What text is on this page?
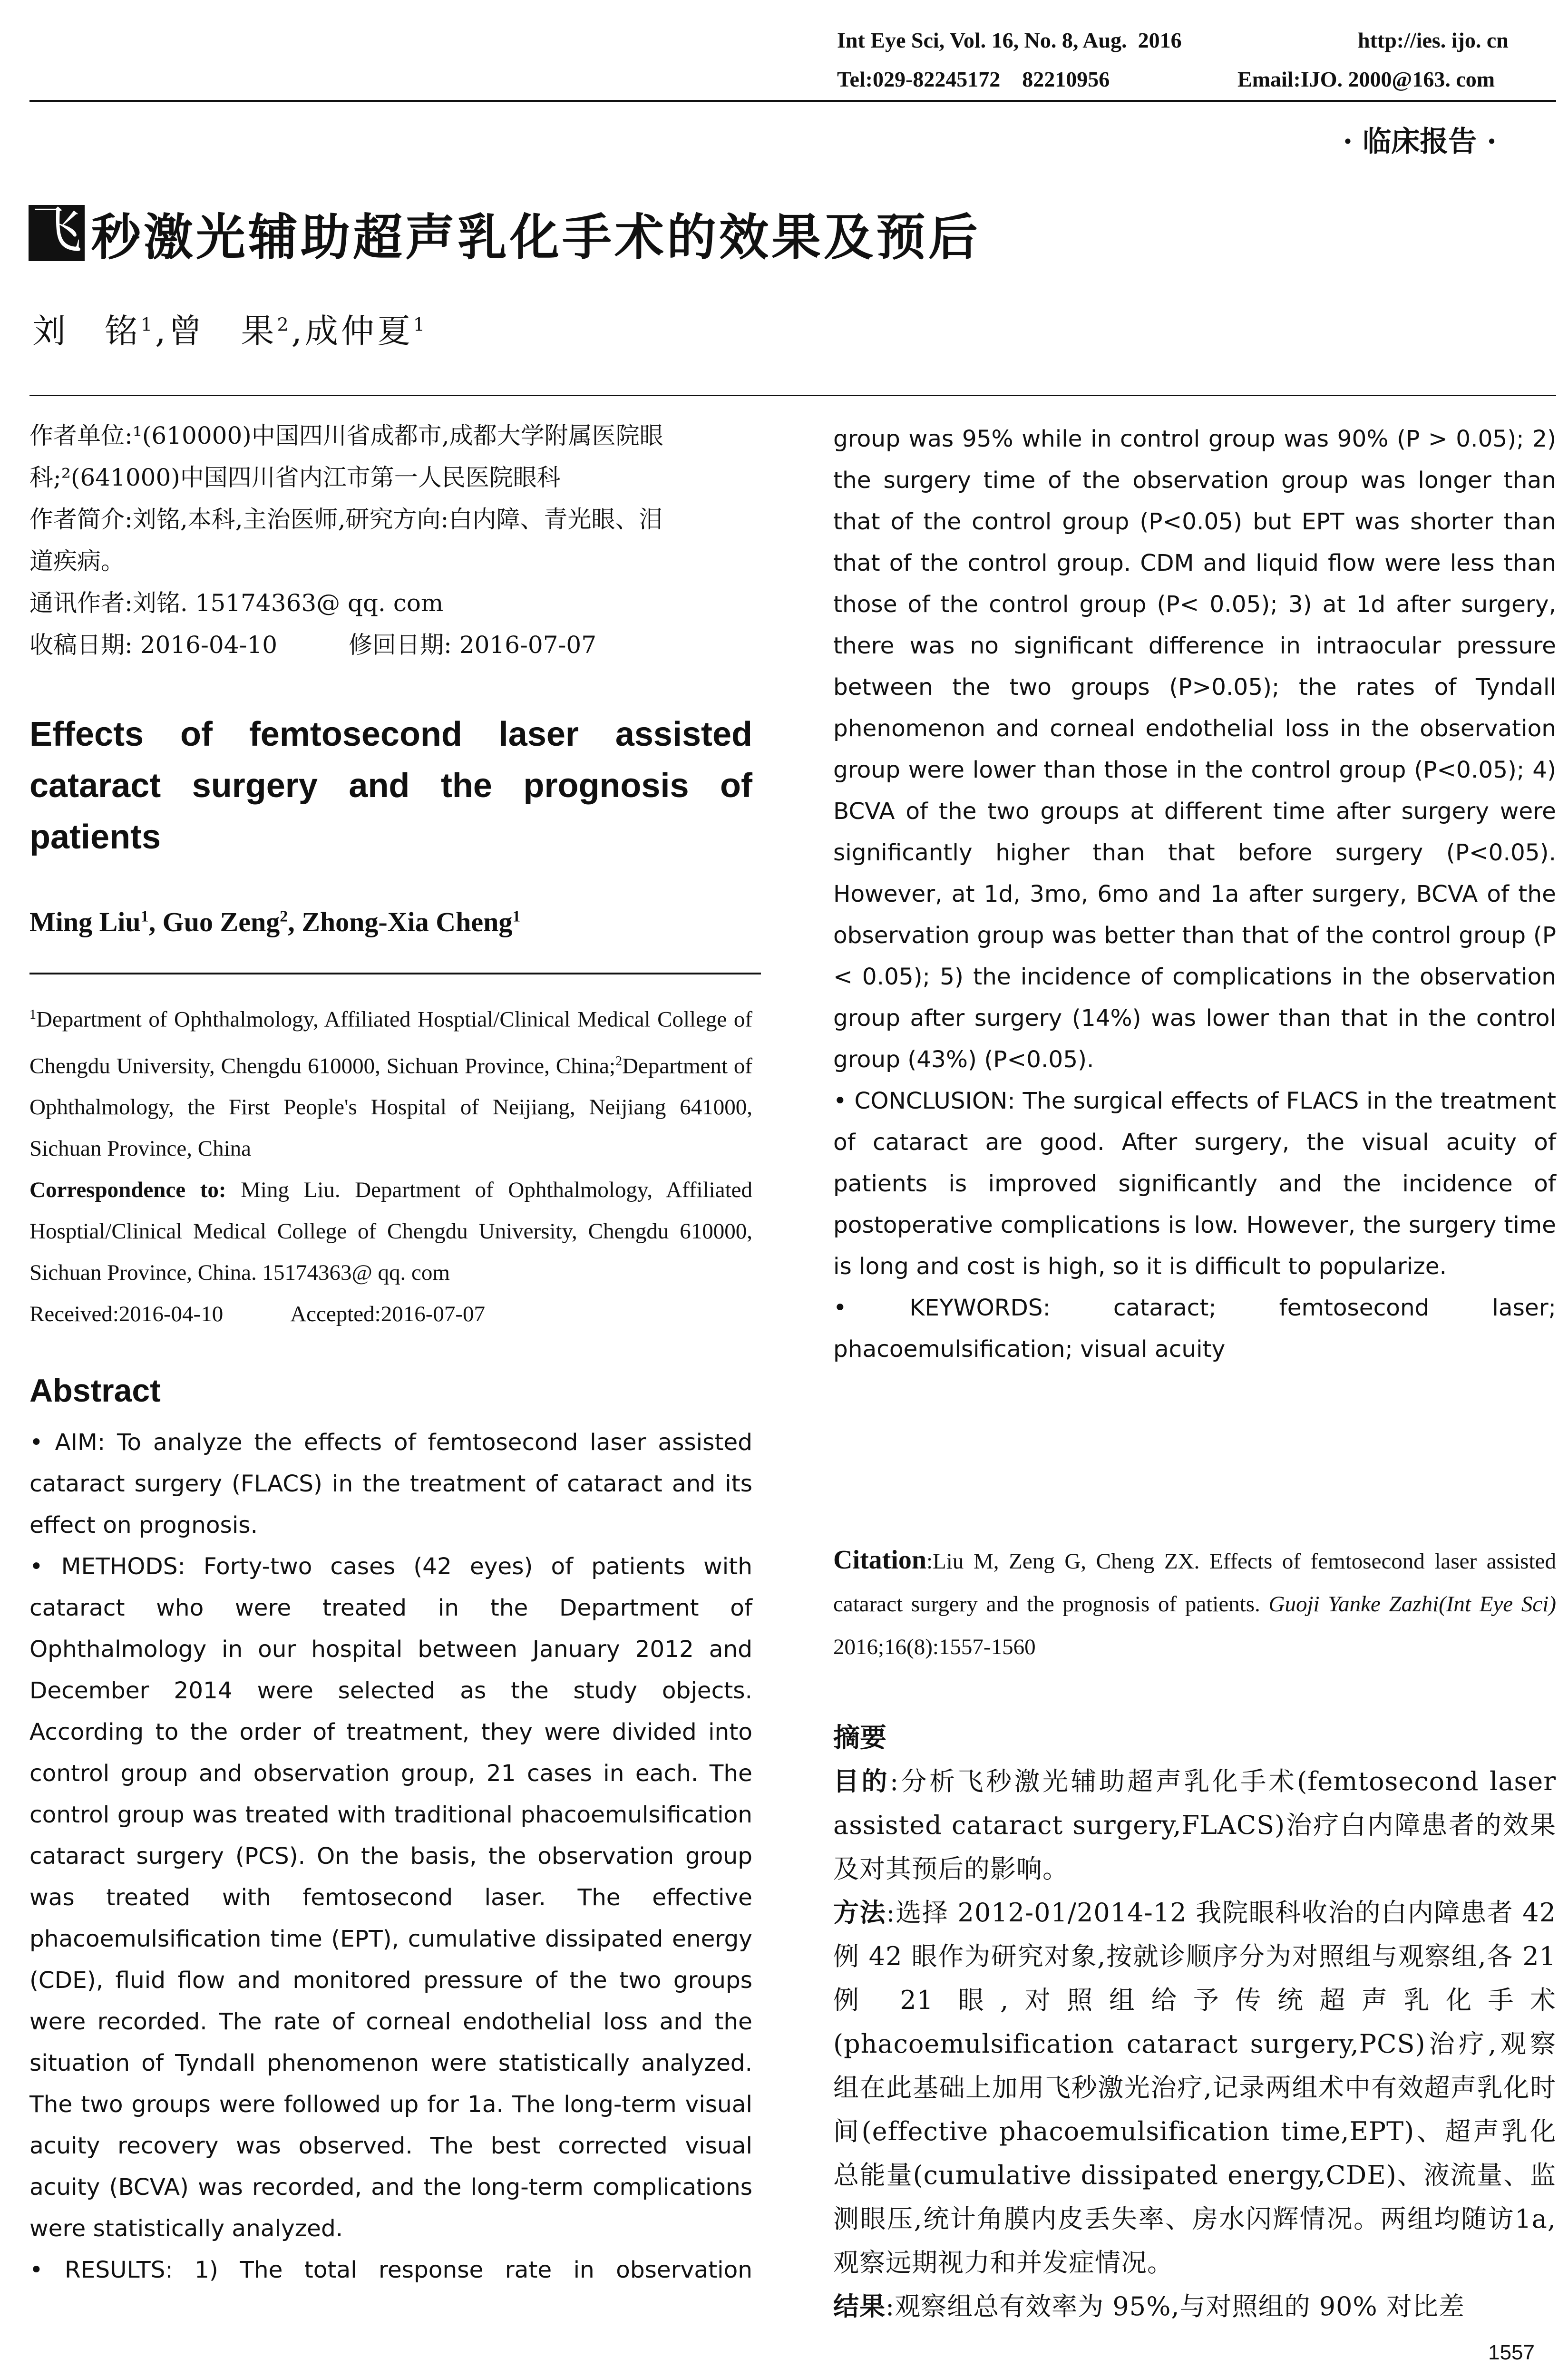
Int Eye Sci, Vol. 16, No. 8, Aug.  2016	http://ies. ijo. cn
Tel:029-82245172    82210956	Email:IJO. 2000@163. com
· 临床报告 ·
飞 秒激光辅助超声乳化手术的效果及预后
刘　铭$^1$,曾　果$^2$,成仲夏$^1$
作者单位:¹(610000)中国四川省成都市,成都大学附属医院眼
科;²(641000)中国四川省内江市第一人民医院眼科
作者简介:刘铭,本科,主治医师,研究方向:白内障、青光眼、泪
道疾病。
通讯作者:刘铭. 15174363@ qq. com
收稿日期: 2016-04-10　　　修回日期: 2016-07-07
Effects of femtosecond laser assisted cataract surgery and the prognosis of patients
Ming Liu$^1$, Guo Zeng$^2$, Zhong-Xia Cheng$^1$
$^1$Department of Ophthalmology, Affiliated Hosptial/Clinical Medical College of Chengdu University, Chengdu 610000, Sichuan Province, China;$^2$Department of Ophthalmology, the First People's Hospital of Neijiang, Neijiang 641000, Sichuan Province, China
Correspondence to: Ming Liu. Department of Ophthalmology, Affiliated Hosptial/Clinical Medical College of Chengdu University, Chengdu 610000, Sichuan Province, China. 15174363@ qq. com
Received:2016-04-10　　　Accepted:2016-07-07
Abstract

• AIM: To analyze the effects of femtosecond laser assisted cataract surgery (FLACS) in the treatment of cataract and its effect on prognosis.

• METHODS: Forty-two cases (42 eyes) of patients with cataract who were treated in the Department of Ophthalmology in our hospital between January 2012 and December 2014 were selected as the study objects. According to the order of treatment, they were divided into control group and observation group, 21 cases in each. The control group was treated with traditional phacoemulsification cataract surgery (PCS). On the basis, the observation group was treated with femtosecond laser. The effective phacoemulsification time (EPT), cumulative dissipated energy (CDE), fluid flow and monitored pressure of the two groups were recorded. The rate of corneal endothelial loss and the situation of Tyndall phenomenon were statistically analyzed. The two groups were followed up for 1a. The long-term visual acuity recovery was observed. The best corrected visual acuity (BCVA) was recorded, and the long-term complications were statistically analyzed.

• RESULTS: 1) The total response rate in observation

group was 95% while in control group was 90% (P > 0.05); 2) the surgery time of the observation group was longer than that of the control group (P<0.05) but EPT was shorter than that of the control group. CDM and liquid flow were less than those of the control group (P< 0.05); 3) at 1d after surgery, there was no significant difference in intraocular pressure between the two groups (P>0.05); the rates of Tyndall phenomenon and corneal endothelial loss in the observation group were lower than those in the control group (P<0.05); 4) BCVA of the two groups at different time after surgery were significantly higher than that before surgery (P<0.05). However, at 1d, 3mo, 6mo and 1a after surgery, BCVA of the observation group was better than that of the control group (P < 0.05); 5) the incidence of complications in the observation group after surgery (14%) was lower than that in the control group (43%) (P<0.05).

• CONCLUSION: The surgical effects of FLACS in the treatment of cataract are good. After surgery, the visual acuity of patients is improved significantly and the incidence of postoperative complications is low. However, the surgery time is long and cost is high, so it is difficult to popularize.

• KEYWORDS: cataract; femtosecond laser; phacoemulsification; visual acuity

Citation:Liu M, Zeng G, Cheng ZX. Effects of femtosecond laser assisted cataract surgery and the prognosis of patients. Guoji Yanke Zazhi(Int Eye Sci) 2016;16(8):1557-1560
摘要

目的:分析飞秒激光辅助超声乳化手术(femtosecond laser assisted cataract surgery,FLACS)治疗白内障患者的效果及对其预后的影响。

方法:选择 2012-01/2014-12 我院眼科收治的白内障患者 42 例 42 眼作为研究对象,按就诊顺序分为对照组与观察组,各 21 例 21 眼,对照组给予传统超声乳化手术(phacoemulsification cataract surgery,PCS)治疗,观察组在此基础上加用飞秒激光治疗,记录两组术中有效超声乳化时间(effective phacoemulsification time,EPT)、超声乳化总能量(cumulative dissipated energy,CDE)、液流量、监测眼压,统计角膜内皮丢失率、房水闪辉情况。两组均随访1a,观察远期视力和并发症情况。

结果:观察组总有效率为 95%,与对照组的 90% 对比差

1557
